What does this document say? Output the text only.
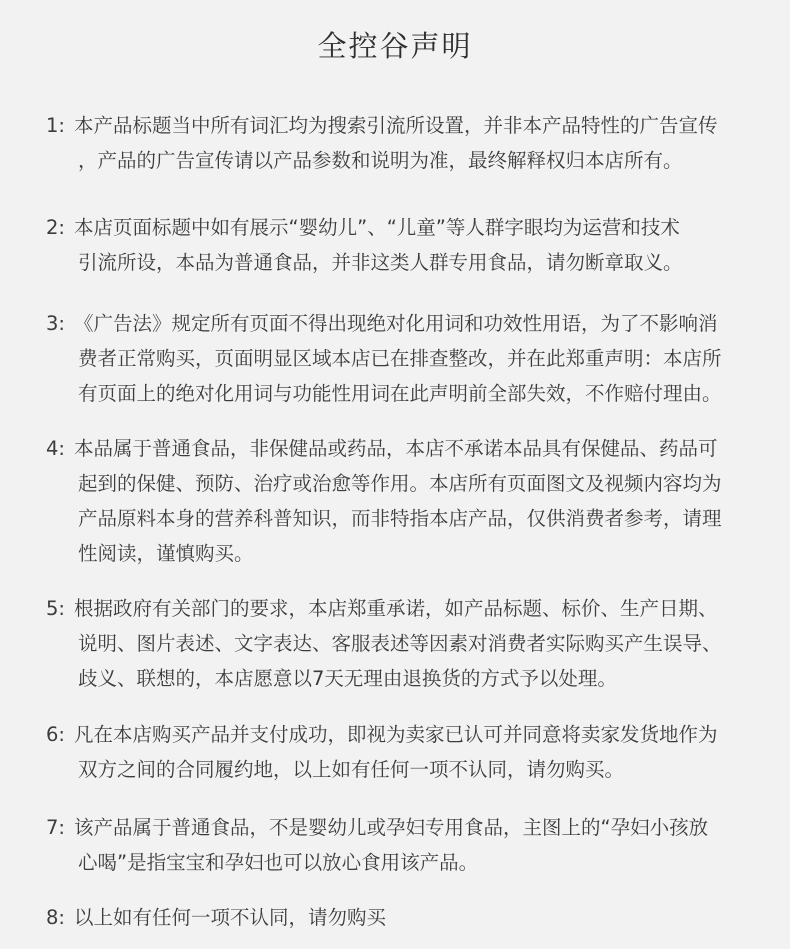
全控谷声明
1: 本产品标题当中所有词汇均为搜索引流所设置，并非本产品特性的广告宣传
，产品的广告宣传请以产品参数和说明为准，最终解释权归本店所有。
2: 本店页面标题中如有展示“婴幼儿”、“儿童”等人群字眼均为运营和技术
引流所设，本品为普通食品，并非这类人群专用食品，请勿断章取义。
3: 《广告法》规定所有页面不得出现绝对化用词和功效性用语，为了不影响消
费者正常购买，页面明显区域本店已在排查整改，并在此郑重声明：本店所
有页面上的绝对化用词与功能性用词在此声明前全部失效，不作赔付理由。
4: 本品属于普通食品，非保健品或药品，本店不承诺本品具有保健品、药品可
起到的保健、预防、治疗或治愈等作用。本店所有页面图文及视频内容均为
产品原料本身的营养科普知识，而非特指本店产品，仅供消费者参考，请理
性阅读，谨慎购买。
5: 根据政府有关部门的要求，本店郑重承诺，如产品标题、标价、生产日期、
说明、图片表述、文字表达、客服表述等因素对消费者实际购买产生误导、
歧义、联想的，本店愿意以7天无理由退换货的方式予以处理。
6: 凡在本店购买产品并支付成功，即视为卖家已认可并同意将卖家发货地作为
双方之间的合同履约地，以上如有任何一项不认同，请勿购买。
7: 该产品属于普通食品，不是婴幼儿或孕妇专用食品，主图上的“孕妇小孩放
心喝”是指宝宝和孕妇也可以放心食用该产品。
8: 以上如有任何一项不认同，请勿购买
